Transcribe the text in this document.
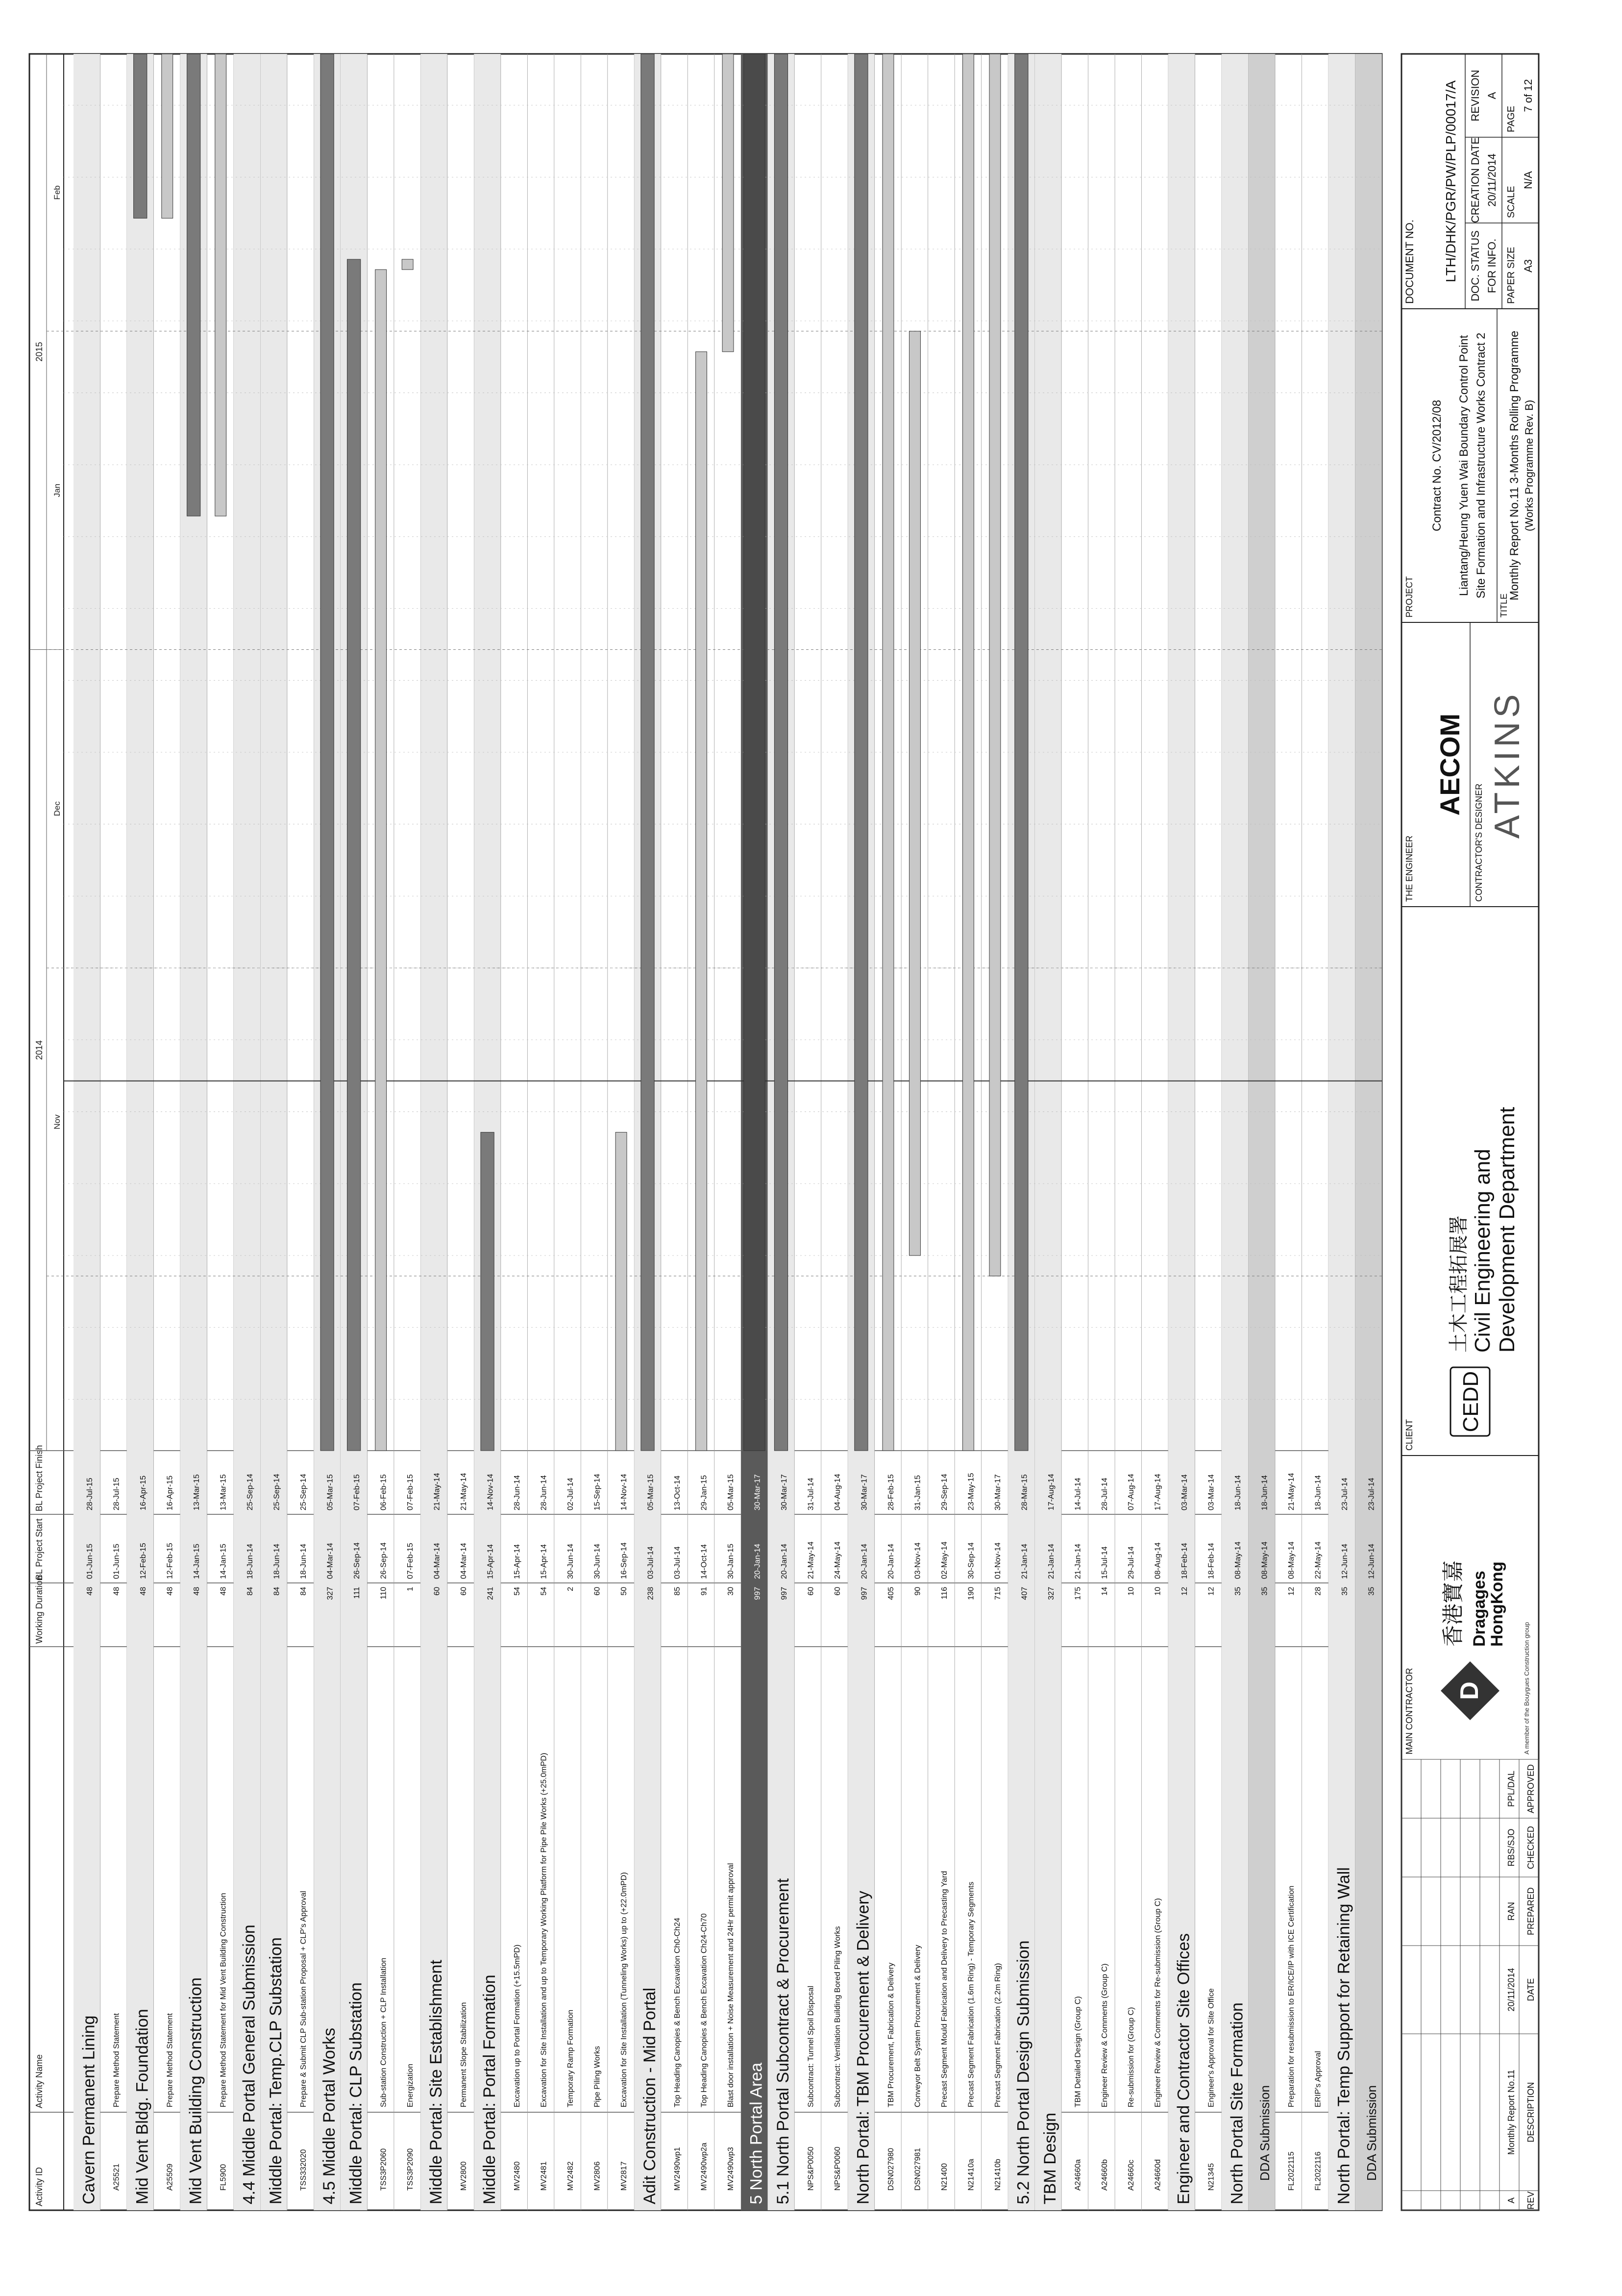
Activity ID
Activity Name
Working Duration
BL Project Start
BL Project Finish
Cavern Permanent Lining
48
01-Jun-15
28-Jul-15
A25521
Prepare Method Statement
48
01-Jun-15
28-Jul-15
Mid Vent Bldg. Foundation
48
12-Feb-15
16-Apr-15
A25509
Prepare Method Statement
48
12-Feb-15
16-Apr-15
Mid Vent Building Construction
48
14-Jan-15
13-Mar-15
FL5900
Prepare Method Statement for Mid Vent Building Construction
48
14-Jan-15
13-Mar-15
4.4 Middle Portal General Submission
84
18-Jun-14
25-Sep-14
Middle Portal: Temp.CLP Substation
84
18-Jun-14
25-Sep-14
TSS332020
Prepare & Submit CLP Sub-station Proposal + CLP's Approval
84
18-Jun-14
25-Sep-14
4.5 Middle Portal Works
327
04-Mar-14
05-Mar-15
Middle Portal: CLP Substation
111
26-Sep-14
07-Feb-15
TSS3P2060
Sub-station Construction + CLP Installation
110
26-Sep-14
06-Feb-15
TSS3P2090
Energization
1
07-Feb-15
07-Feb-15
Middle Portal: Site Establishment
60
04-Mar-14
21-May-14
MV2800
Permanent Slope Stabilization
60
04-Mar-14
21-May-14
Middle Portal: Portal Formation
241
15-Apr-14
14-Nov-14
MV2480
Excavation up to Portal Formation (+15.5mPD)
54
15-Apr-14
28-Jun-14
MV2481
Excavation for Site Installation and up to Temporary Working Platform for Pipe Pile Works (+25.0mPD)
54
15-Apr-14
28-Jun-14
MV2482
Temporary Ramp Formation
2
30-Jun-14
02-Jul-14
MV2806
Pipe Piling Works
60
30-Jun-14
15-Sep-14
MV2817
Excavation for Site Installation (Tunneling Works) up to (+22.0mPD)
50
16-Sep-14
14-Nov-14
Adit Construction - Mid Portal
238
03-Jul-14
05-Mar-15
MV2490wp1
Top Heading Canopies & Bench Excavation Ch0-Ch24
85
03-Jul-14
13-Oct-14
MV2490wp2a
Top Heading Canopies & Bench Excavation Ch24-Ch70
91
14-Oct-14
29-Jan-15
MV2490wp3
Blast door installation + Noise Measurement and 24Hr permit approval
30
30-Jan-15
05-Mar-15
5 North Portal Area
997
20-Jan-14
30-Mar-17
5.1 North Portal Subcontract & Procurement
997
20-Jan-14
30-Mar-17
NPS&P0050
Subcontract: Tunnel Spoil Disposal
60
21-May-14
31-Jul-14
NPS&P0060
Subcontract: Ventilation Building Bored Piling Works
60
24-May-14
04-Aug-14
North Portal: TBM Procurement & Delivery
997
20-Jan-14
30-Mar-17
DSN027980
TBM Procurement, Fabrication & Delivery
405
20-Jan-14
28-Feb-15
DSN027981
Conveyor Belt System Procurement & Delivery
90
03-Nov-14
31-Jan-15
N21400
Precast Segment Mould Fabrication and Delivery to Precasting Yard
116
02-May-14
29-Sep-14
N21410a
Precast Segment Fabrication (1.6m Ring) - Temporary Segments
190
30-Sep-14
23-May-15
N21410b
Precast Segment Fabrication (2.2m Ring)
715
01-Nov-14
30-Mar-17
5.2 North Portal Design Submission
407
21-Jan-14
28-Mar-15
TBM Design
327
21-Jan-14
17-Aug-14
A24660a
TBM Detailed Design (Group C)
175
21-Jan-14
14-Jul-14
A24660b
Engineer Review & Comments (Group C)
14
15-Jul-14
28-Jul-14
A24660c
Re-submission for (Group C)
10
29-Jul-14
07-Aug-14
A24660d
Engineer Review & Comments for Re-submission (Group C)
10
08-Aug-14
17-Aug-14
Engineer and Contractor Site Offices
12
18-Feb-14
03-Mar-14
N21345
Engineer's Approval for Site Office
12
18-Feb-14
03-Mar-14
North Portal Site Formation
35
08-May-14
18-Jun-14
DDA Submission
35
08-May-14
18-Jun-14
FL2022115
Preparation for resubmission to ER/ICE/IP with ICE Certification
12
08-May-14
21-May-14
FL2022116
ERIP's Approval
28
22-May-14
18-Jun-14
North Portal: Temp Support for Retaining Wall
35
12-Jun-14
23-Jul-14
DDA Submission
35
12-Jun-14
23-Jul-14
2014
2015
Nov
Dec
Jan
Feb
REV
DESCRIPTION
DATE
PREPARED
CHECKED
APPROVED
A
Monthly Report No.11
20/11/2014
RAN
RBS/SJO
PPL/DAL
MAIN CONTRACTOR D
香港寶嘉 Dragages
HongKong
A member of the Bouygues Construction group
CLIENT
CEDD
土木工程拓展署 Civil Engineering and Development Department
THE ENGINEER
AECOM
CONTRACTOR'S DESIGNER
ATKINS
PROJECT
Contract No. CV/2012/08 Liantang/Heung Yuen Wai Boundary Control Point Site Formation and Infrastructure Works Contract 2
TITLE
Monthly Report No.11 3-Months Rolling Programme (Works Programme Rev. B)
DOCUMENT NO. LTH/DHK/PGR/PW/PLP/00017/A DOC. STATUS FOR INFO.
CREATION DATE 20/11/2014
REVISION A
PAPER SIZE A3
SCALE
N/A
PAGE
7 of 12
